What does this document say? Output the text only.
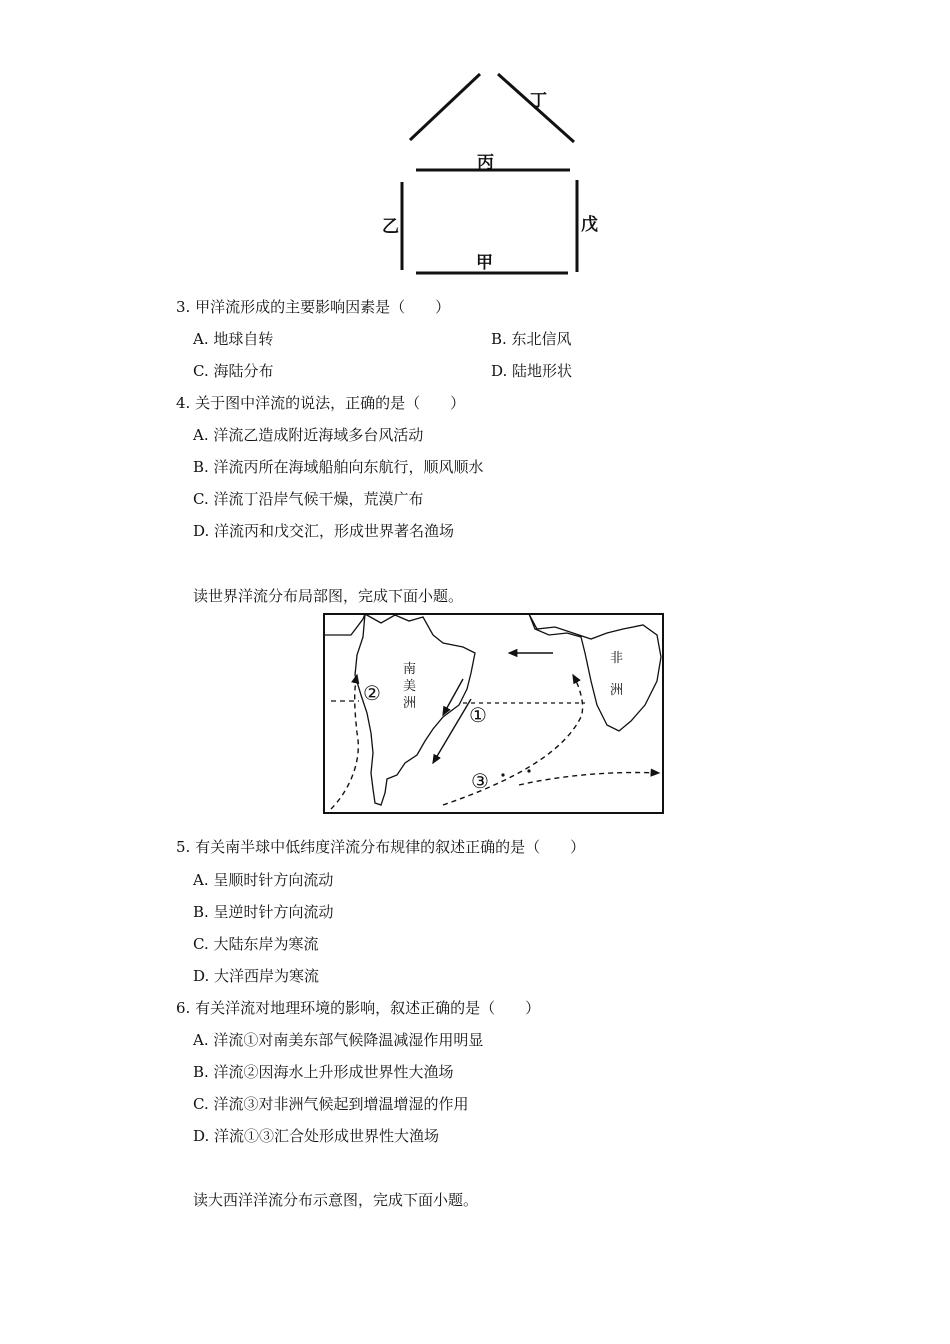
丁
丙
乙	戊
甲
3. 甲洋流形成的主要影响因素是（　　）
A. 地球自转	B. 东北信风
C. 海陆分布	D. 陆地形状
4. 关于图中洋流的说法，正确的是（　　）
A. 洋流乙造成附近海域多台风活动
B. 洋流丙所在海域船舶向东航行，顺风顺水
C. 洋流丁沿岸气候干燥，荒漠广布
D. 洋流丙和戊交汇，形成世界著名渔场
读世界洋流分布局部图，完成下面小题。
南美洲
非洲
①
②
③
5. 有关南半球中低纬度洋流分布规律的叙述正确的是（　　）
A. 呈顺时针方向流动
B. 呈逆时针方向流动
C. 大陆东岸为寒流
D. 大洋西岸为寒流
6. 有关洋流对地理环境的影响，叙述正确的是（　　）
A. 洋流①对南美东部气候降温减湿作用明显
B. 洋流②因海水上升形成世界性大渔场
C. 洋流③对非洲气候起到增温增湿的作用
D. 洋流①③汇合处形成世界性大渔场
读大西洋洋流分布示意图，完成下面小题。
